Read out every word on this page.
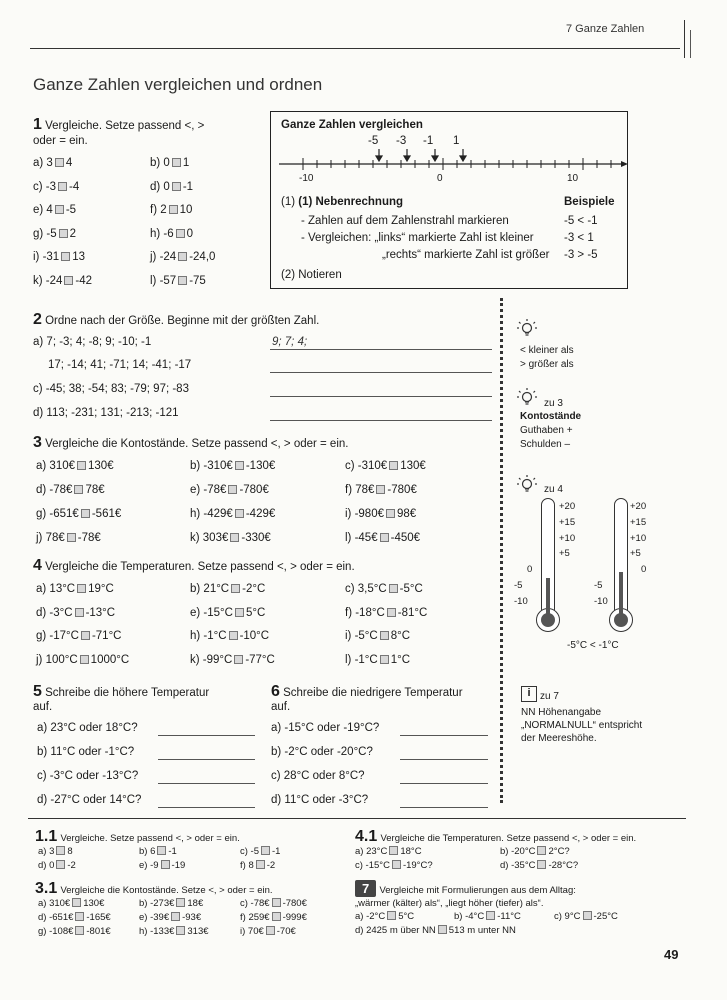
7 Ganze Zahlen
Ganze Zahlen vergleichen und ordnen
1 Vergleiche. Setze passend <, >
oder = ein.
a) 3 4	b) 0 1
c) -3 -4	d) 0 -1
e) 4 -5	f) 2 10
g) -5 2	h) -6 0
i) -31 13	j) -24 -24,0
k) -24 -42	l) -57 -75
Ganze Zahlen vergleichen
-5 -3 -1 1
-10	0	10
(1) (1) Nebenrechnung
- Zahlen auf dem Zahlenstrahl markieren
- Vergleichen: „links“ markierte Zahl ist kleiner
„rechts“ markierte Zahl ist größer
Beispiele
-5 < -1
-3 < 1
-3 > -5
(2) Notieren
2 Ordne nach der Größe. Beginne mit der größten Zahl.
a) 7; -3; 4; -8; 9; -10; -1	9; 7; 4;
17; -14; 41; -71; 14; -41; -17
c) -45; 38; -54; 83; -79; 97; -83
d) 113; -231; 131; -213; -121
3 Vergleiche die Kontostände. Setze passend <, > oder = ein.
a) 310€ 130€	b) -310€ -130€	c) -310€ 130€
d) -78€ 78€	e) -78€ -780€	f) 78€ -780€
g) -651€ -561€	h) -429€ -429€	i) -980€ 98€
j) 78€ -78€	k) 303€ -330€	l) -45€ -450€
4 Vergleiche die Temperaturen. Setze passend <, > oder = ein.
a) 13°C 19°C	b) 21°C -2°C	c) 3,5°C -5°C
d) -3°C -13°C	e) -15°C 5°C	f) -18°C -81°C
g) -17°C -71°C	h) -1°C -10°C	i) -5°C 8°C
j) 100°C 1000°C	k) -99°C -77°C	l) -1°C 1°C
5 Schreibe die höhere Temperatur
auf.
6 Schreibe die niedrigere Temperatur
auf.
a) 23°C oder 18°C?	a) -15°C oder -19°C?
b) 11°C oder -1°C?	b) -2°C oder -20°C?
c) -3°C oder -13°C?	c) 28°C oder 8°C?
d) -27°C oder 14°C?	d) 11°C oder -3°C?
< kleiner als
> größer als
zu 3
Kontostände
Guthaben +
Schulden –
zu 4
+20	+20
+15	+15
+10	+10
+5	+5
0	0
-5	-5
-10	-10
-5°C < -1°C
i zu 7
NN Höhenangabe
„NORMALNULL“ entspricht
der Meereshöhe.
1.1 Vergleiche. Setze passend <, > oder = ein.
a) 3 8	b) 6 -1	c) -5 -1
d) 0 -2	e) -9 -19	f) 8 -2
3.1 Vergleiche die Kontostände. Setze <, > oder = ein.
a) 310€ 130€	b) -273€ 18€	c) -78€ -780€
d) -651€ -165€	e) -39€ -93€	f) 259€ -999€
g) -108€ -801€	h) -133€ 313€	i) 70€ -70€
4.1 Vergleiche die Temperaturen. Setze passend <, > oder = ein.
a) 23°C 18°C	b) -20°C 2°C?
c) -15°C -19°C?	d) -35°C -28°C?
7 Vergleiche mit Formulierungen aus dem Alltag:
„wärmer (kälter) als“, „liegt höher (tiefer) als“.
a) -2°C 5°C	b) -4°C -11°C	c) 9°C -25°C
d) 2425 m über NN 513 m unter NN
49
